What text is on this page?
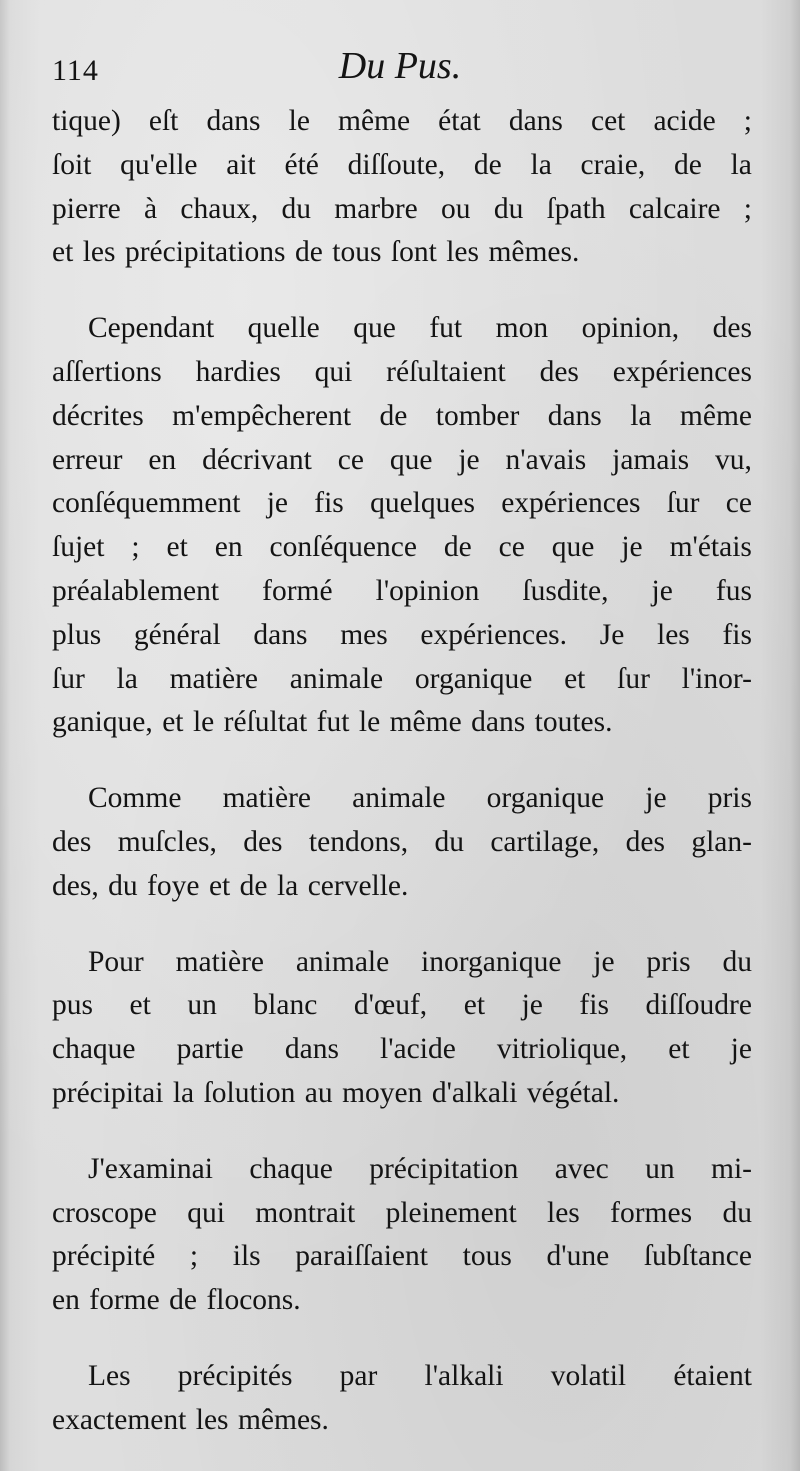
114	Du Pus.
tique) eſt dans le même état dans cet acide ;
ſoit qu'elle ait été diſſoute, de la craie, de la
pierre à chaux, du marbre ou du ſpath calcaire ;
et les précipitations de tous ſont les mêmes.
Cependant quelle que fut mon opinion, des
aſſertions hardies qui réſultaient des expériences
décrites m'empêcherent de tomber dans la même
erreur en décrivant ce que je n'avais jamais vu,
conſéquemment je fis quelques expériences ſur ce
ſujet ; et en conſéquence de ce que je m'étais
préalablement formé l'opinion ſusdite, je fus
plus général dans mes expériences. Je les fis
ſur la matière animale organique et ſur l'inor-
ganique, et le réſultat fut le même dans toutes.
Comme matière animale organique je pris
des muſcles, des tendons, du cartilage, des glan-
des, du foye et de la cervelle.
Pour matière animale inorganique je pris du
pus et un blanc d'œuf, et je fis diſſoudre
chaque partie dans l'acide vitriolique, et je
précipitai la ſolution au moyen d'alkali végétal.
J'examinai chaque précipitation avec un mi-
croscope qui montrait pleinement les formes du
précipité ; ils paraiſſaient tous d'une ſubſtance
en forme de flocons.
Les précipités par l'alkali volatil étaient
exactement les mêmes.
